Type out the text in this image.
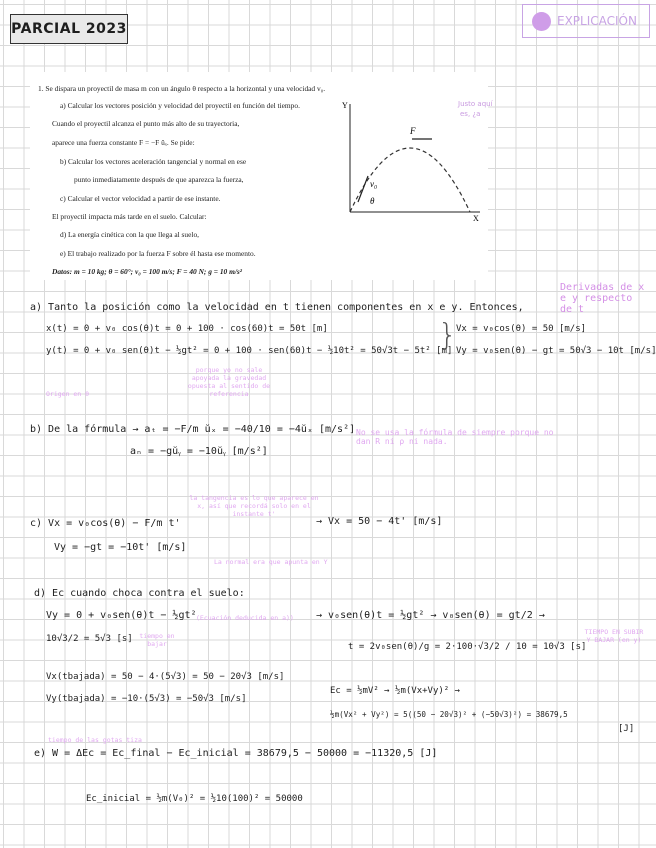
PARCIAL 2023	EXPLICACIÓN
1. Se dispara un proyectil de masa m con un ángulo θ respecto a la horizontal y una velocidad v₀.
a) Calcular los vectores posición y velocidad del proyectil en función del tiempo.
Cuando el proyectil alcanza el punto más alto de su trayectoria,
aparece una fuerza constante F = −F ŭₓ. Se pide:
b) Calcular los vectores aceleración tangencial y normal en ese
punto inmediatamente después de que aparezca la fuerza,
c) Calcular el vector velocidad a partir de ese instante.
El proyectil impacta más tarde en el suelo. Calcular:
d) La energía cinética con la que llega al suelo,
e) El trabajo realizado por la fuerza F sobre él hasta ese momento.
Datos: m = 10 kg; θ = 60°; v₀ = 100 m/s; F = 40 N; g = 10 m/s²
Y
X
F
v₀
θ
Justo aquí
es, ¿a
a) Tanto la posición como la velocidad en t tienen componentes en x e y. Entonces,
Derivadas de x e y respecto de t
x(t) = 0 + v₀ cos(θ)t = 0 + 100 · cos(60)t = 50t [m]
y(t) = 0 + v₀ sen(θ)t − ½gt² = 0 + 100 · sen(60)t − ½10t² = 50√3t − 5t² [m]
}
Vx = v₀cos(θ) = 50 [m/s]
Vy = v₀sen(θ) − gt = 50√3 − 10t [m/s]
Origen en 0
porque yo no sale apoyada la gravedad opuesta al sentido de referencia
b) De la fórmula → aₜ = −F/m ŭₓ = −40/10 = −4ŭₓ [m/s²]
aₙ = −gŭᵧ = −10ŭᵧ [m/s²]
No se usa la fórmula de siempre porque no dan R ni ρ ni nada.
la tangencia es lo que aparece en x, así que recordá solo en el instante t'
c) Vx = v₀cos(θ) − F/m t'	→ Vx = 50 − 4t' [m/s]
Vy = −gt = −10t' [m/s]
La normal era que apunta en Y
d) Ec cuando choca contra el suelo:
Vy = 0 + v₀sen(θ)t − ½gt² (Ecuación deducida en a)) → v₀sen(θ)t = ½gt² → v₀sen(θ) = gt/2 →
10√3/2 = 5√3 [s]	tiempo en bajar	t = 2v₀sen(θ)/g = 2·100·√3/2 / 10 = 10√3 [s]
TIEMPO EN SUBIR Y BAJAR (en y)
Vx(tbajada) = 50 − 4·(5√3) = 50 − 20√3 [m/s]
Vy(tbajada) = −10·(5√3) = −50√3 [m/s]
Ec = ½mV² → ½m(Vx+Vy)² →
½m(Vx² + Vy²) = 5((50 − 20√3)² + (−50√3)²) = 38679,5
[J]
tiempo de las gotas tiza
e) W = ΔEc = Ec_final − Ec_inicial = 38679,5 − 50000 = −11320,5 [J]
Ec_inicial = ½m(V₀)² = ½10(100)² = 50000
